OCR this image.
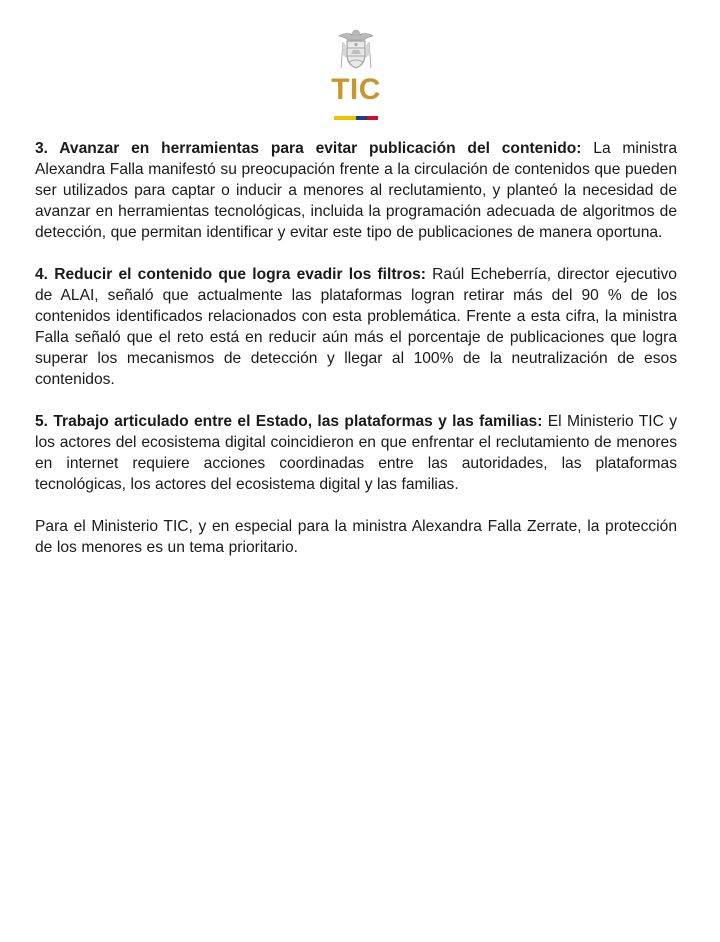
TIC

3. Avanzar en herramientas para evitar publicación del contenido: La ministra Alexandra Falla manifestó su preocupación frente a la circulación de contenidos que pueden ser utilizados para captar o inducir a menores al reclutamiento, y planteó la necesidad de avanzar en herramientas tecnológicas, incluida la programación adecuada de algoritmos de detección, que permitan identificar y evitar este tipo de publicaciones de manera oportuna.

4. Reducir el contenido que logra evadir los filtros: Raúl Echeberría, director ejecutivo de ALAI, señaló que actualmente las plataformas logran retirar más del 90 % de los contenidos identificados relacionados con esta problemática. Frente a esta cifra, la ministra Falla señaló que el reto está en reducir aún más el porcentaje de publicaciones que logra superar los mecanismos de detección y llegar al 100% de la neutralización de esos contenidos.

5. Trabajo articulado entre el Estado, las plataformas y las familias: El Ministerio TIC y los actores del ecosistema digital coincidieron en que enfrentar el reclutamiento de menores en internet requiere acciones coordinadas entre las autoridades, las plataformas tecnológicas, los actores del ecosistema digital y las familias.

Para el Ministerio TIC, y en especial para la ministra Alexandra Falla Zerrate, la protección de los menores es un tema prioritario.
